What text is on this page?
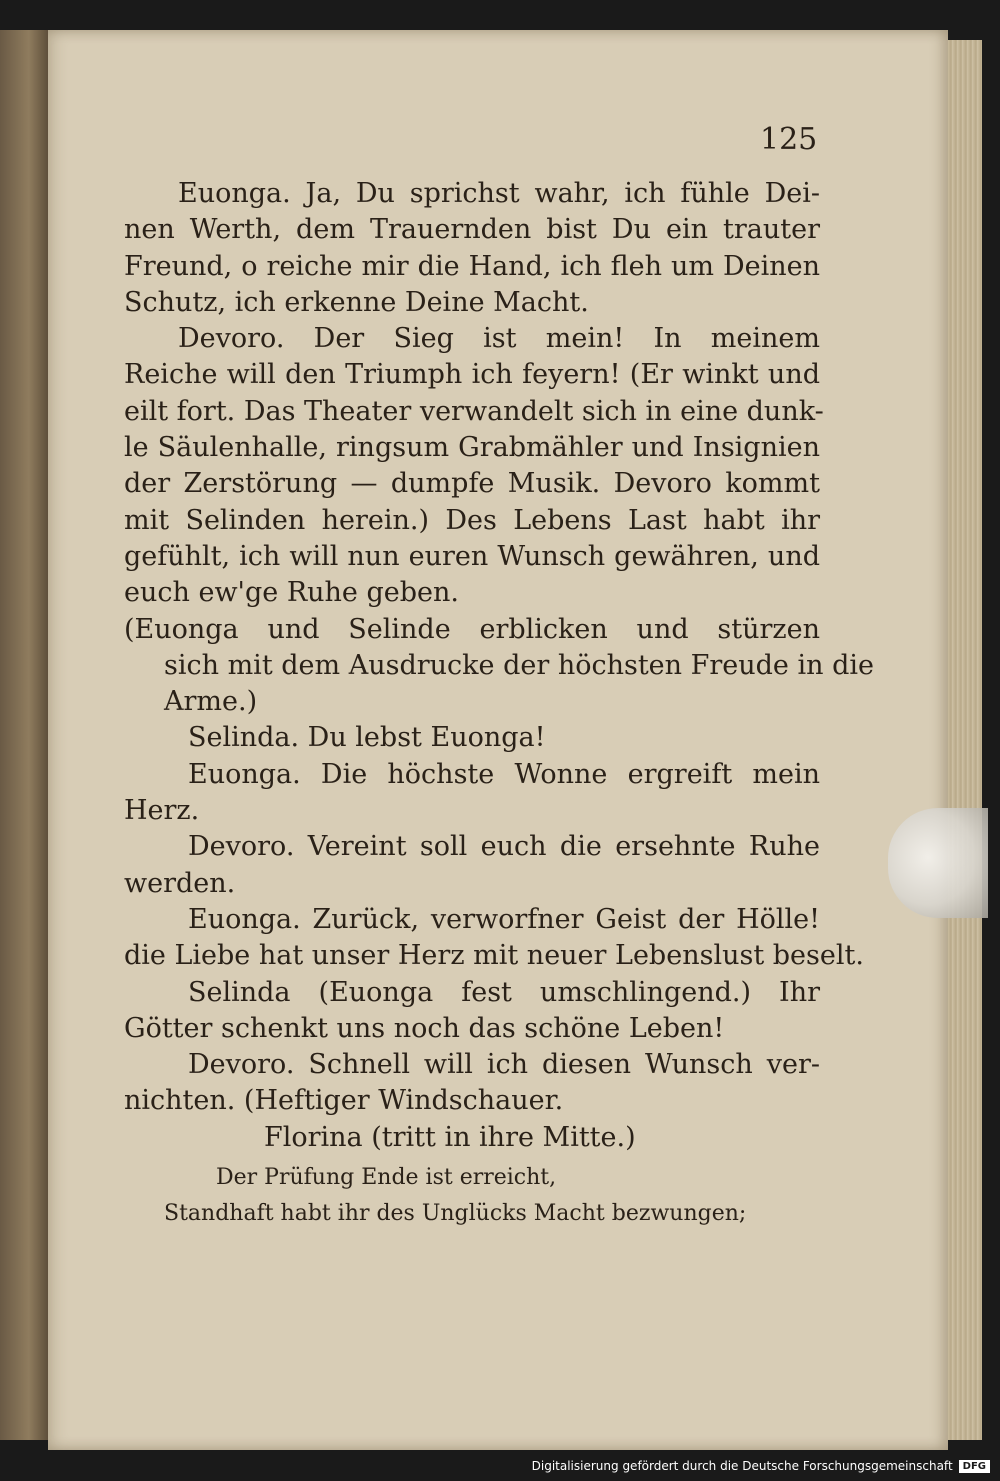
125
Euonga. Ja, Du sprichst wahr, ich fühle Dei-
nen Werth, dem Trauernden bist Du ein trauter
Freund, o reiche mir die Hand, ich fleh um Deinen
Schutz, ich erkenne Deine Macht.
Devoro. Der Sieg ist mein! In meinem
Reiche will den Triumph ich feyern! (Er winkt und
eilt fort. Das Theater verwandelt sich in eine dunk-
le Säulenhalle, ringsum Grabmähler und Insignien
der Zerstörung — dumpfe Musik. Devoro kommt
mit Selinden herein.) Des Lebens Last habt ihr
gefühlt, ich will nun euren Wunsch gewähren, und
euch ew'ge Ruhe geben.
(Euonga und Selinde erblicken und stürzen
sich mit dem Ausdrucke der höchsten Freude in die
Arme.)
Selinda. Du lebst Euonga!
Euonga. Die höchste Wonne ergreift mein
Herz.
Devoro. Vereint soll euch die ersehnte Ruhe
werden.
Euonga. Zurück, verworfner Geist der Hölle!
die Liebe hat unser Herz mit neuer Lebenslust beselt.
Selinda (Euonga fest umschlingend.) Ihr
Götter schenkt uns noch das schöne Leben!
Devoro. Schnell will ich diesen Wunsch ver-
nichten. (Heftiger Windschauer.
Florina (tritt in ihre Mitte.)
Der Prüfung Ende ist erreicht,
Standhaft habt ihr des Unglücks Macht bezwungen;
Digitalisierung gefördert durch die Deutsche Forschungsgemeinschaft	DFG
